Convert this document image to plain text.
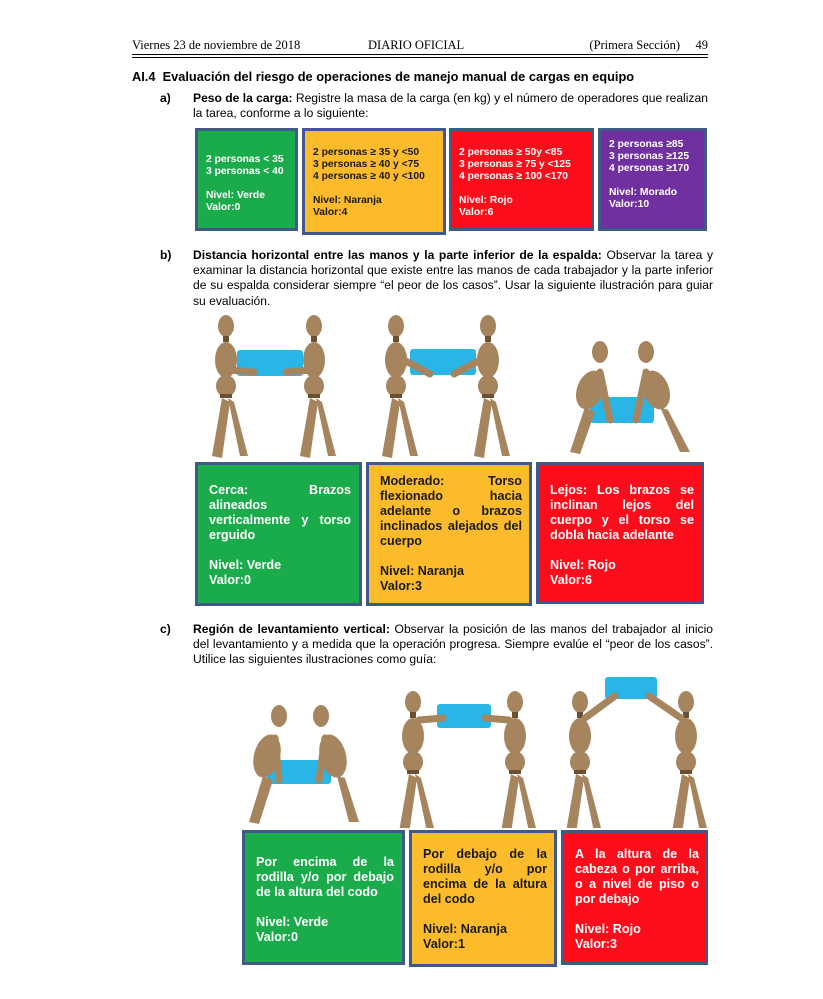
Viernes 23 de noviembre de 2018	DIARIO OFICIAL	(Primera Sección) 49
AI.4  Evaluación del riesgo de operaciones de manejo manual de cargas en equipo
a) Peso de la carga: Registre la masa de la carga (en kg) y el número de operadores que realizan la tarea, conforme a lo siguiente:
2 personas < 35
3 personas < 40

Nivel: Verde
Valor:0
2 personas ≥ 35 y <50
3 personas ≥ 40 y <75
4 personas ≥ 40 y <100

Nivel: Naranja
Valor:4
2 personas ≥ 50y <85
3 personas ≥ 75 y <125
4 personas ≥ 100 <170

Nivel: Rojo
Valor:6
2 personas ≥85
3 personas ≥125
4 personas ≥170

Nivel: Morado
Valor:10
b) Distancia horizontal entre las manos y la parte inferior de la espalda: Observar la tarea y examinar la distancia horizontal que existe entre las manos de cada trabajador y la parte inferior de su espalda considerar siempre “el peor de los casos”. Usar la siguiente ilustración para guiar su evaluación.
Cerca: Brazos alineados verticalmente y torso erguido

Nivel: Verde
Valor:0
Moderado: Torso flexionado hacia adelante o brazos inclinados alejados del cuerpo

Nivel: Naranja
Valor:3
Lejos: Los brazos se inclinan lejos del cuerpo y el torso se dobla hacia adelante

Nivel: Rojo
Valor:6
c) Región de levantamiento vertical: Observar la posición de las manos del trabajador al inicio del levantamiento y a medida que la operación progresa. Siempre evalúe el “peor de los casos”. Utilice las siguientes ilustraciones como guía:
Por encima de la rodilla y/o por debajo de la altura del codo

Nivel: Verde
Valor:0
Por debajo de la rodilla y/o por encima de la altura del codo

Nivel: Naranja
Valor:1
A la altura de la cabeza o por arriba, o a nivel de piso o por debajo

Nivel: Rojo
Valor:3
